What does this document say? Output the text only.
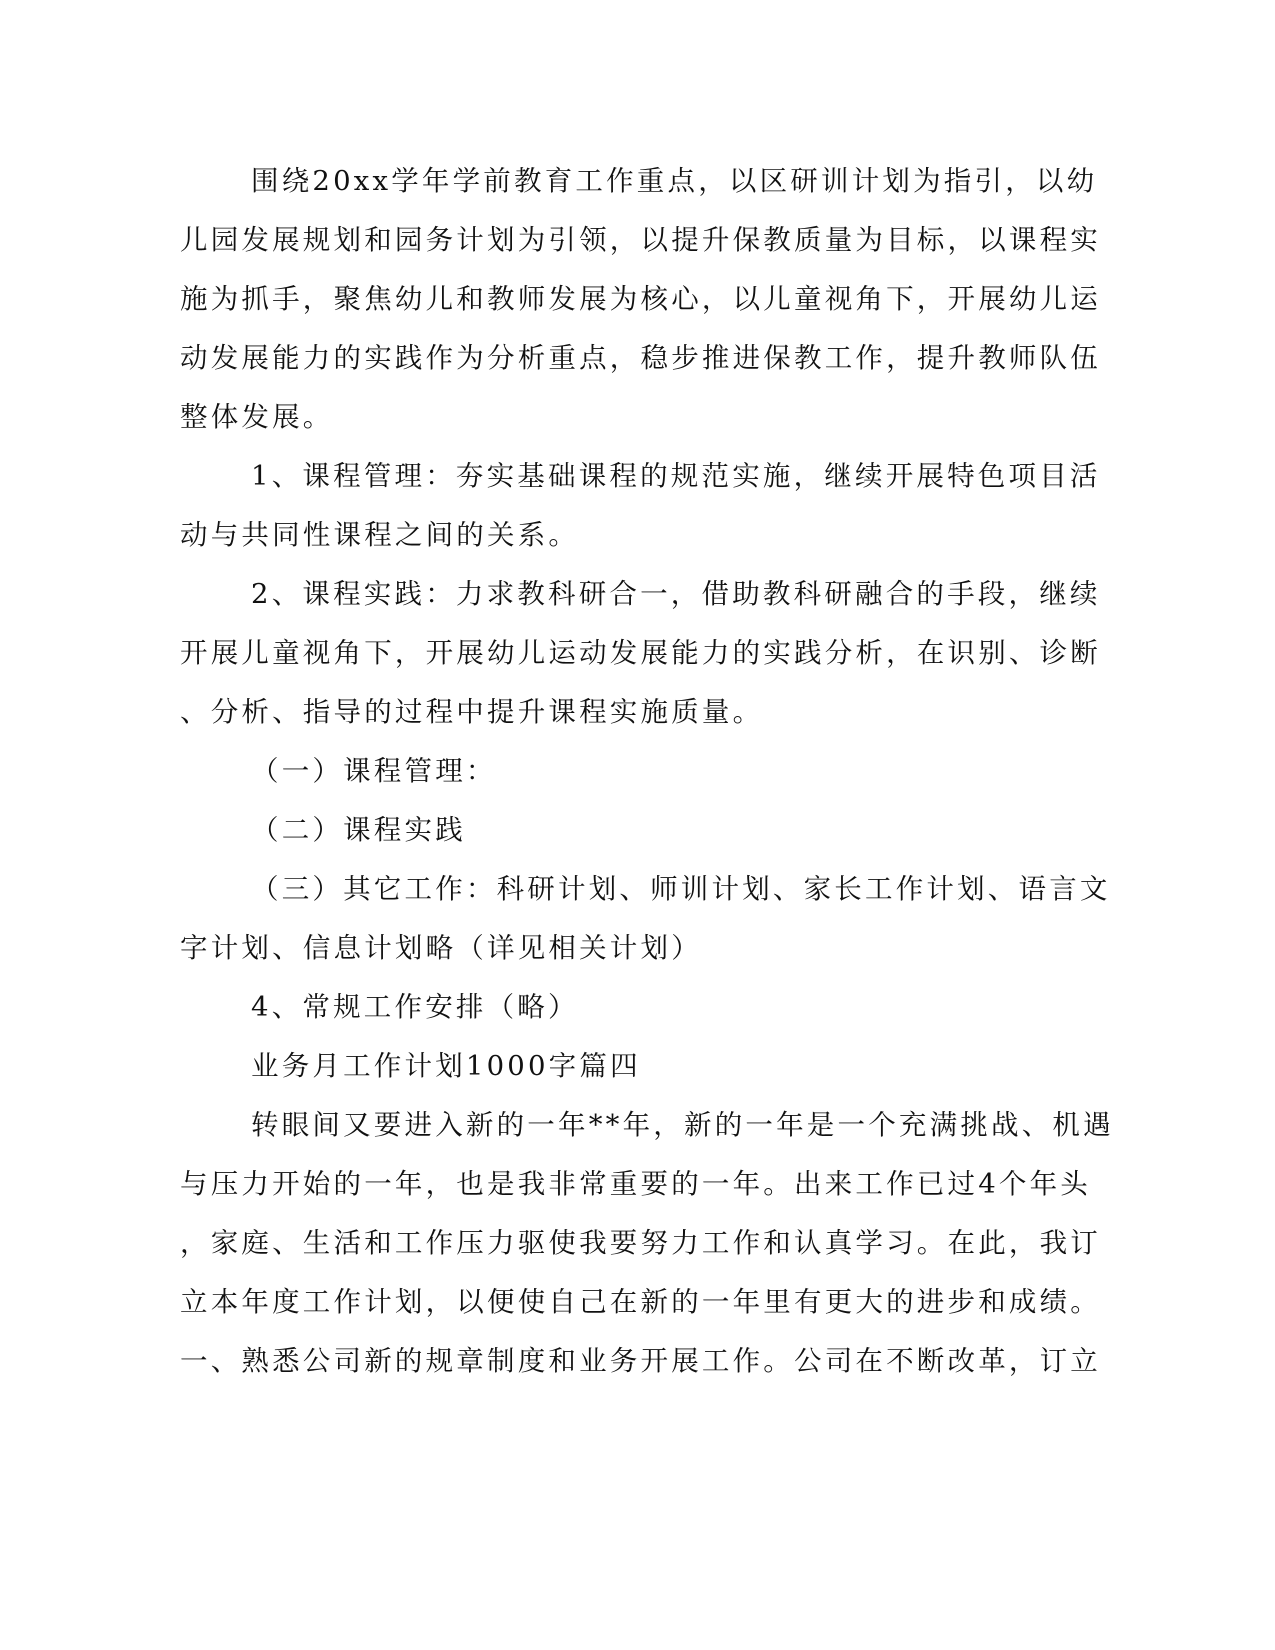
围绕20xx学年学前教育工作重点，以区研训计划为指引，以幼
儿园发展规划和园务计划为引领，以提升保教质量为目标，以课程实
施为抓手，聚焦幼儿和教师发展为核心，以儿童视角下，开展幼儿运
动发展能力的实践作为分析重点，稳步推进保教工作，提升教师队伍
整体发展。
1、课程管理：夯实基础课程的规范实施，继续开展特色项目活
动与共同性课程之间的关系。
2、课程实践：力求教科研合一，借助教科研融合的手段，继续
开展儿童视角下，开展幼儿运动发展能力的实践分析，在识别、诊断
、分析、指导的过程中提升课程实施质量。
（一）课程管理：
（二）课程实践
（三）其它工作：科研计划、师训计划、家长工作计划、语言文
字计划、信息计划略（详见相关计划）
4、常规工作安排（略）
业务月工作计划1000字篇四
转眼间又要进入新的一年**年，新的一年是一个充满挑战、机遇
与压力开始的一年，也是我非常重要的一年。出来工作已过4个年头
，家庭、生活和工作压力驱使我要努力工作和认真学习。在此，我订
立本年度工作计划，以便使自己在新的一年里有更大的进步和成绩。
一、熟悉公司新的规章制度和业务开展工作。公司在不断改革，订立
